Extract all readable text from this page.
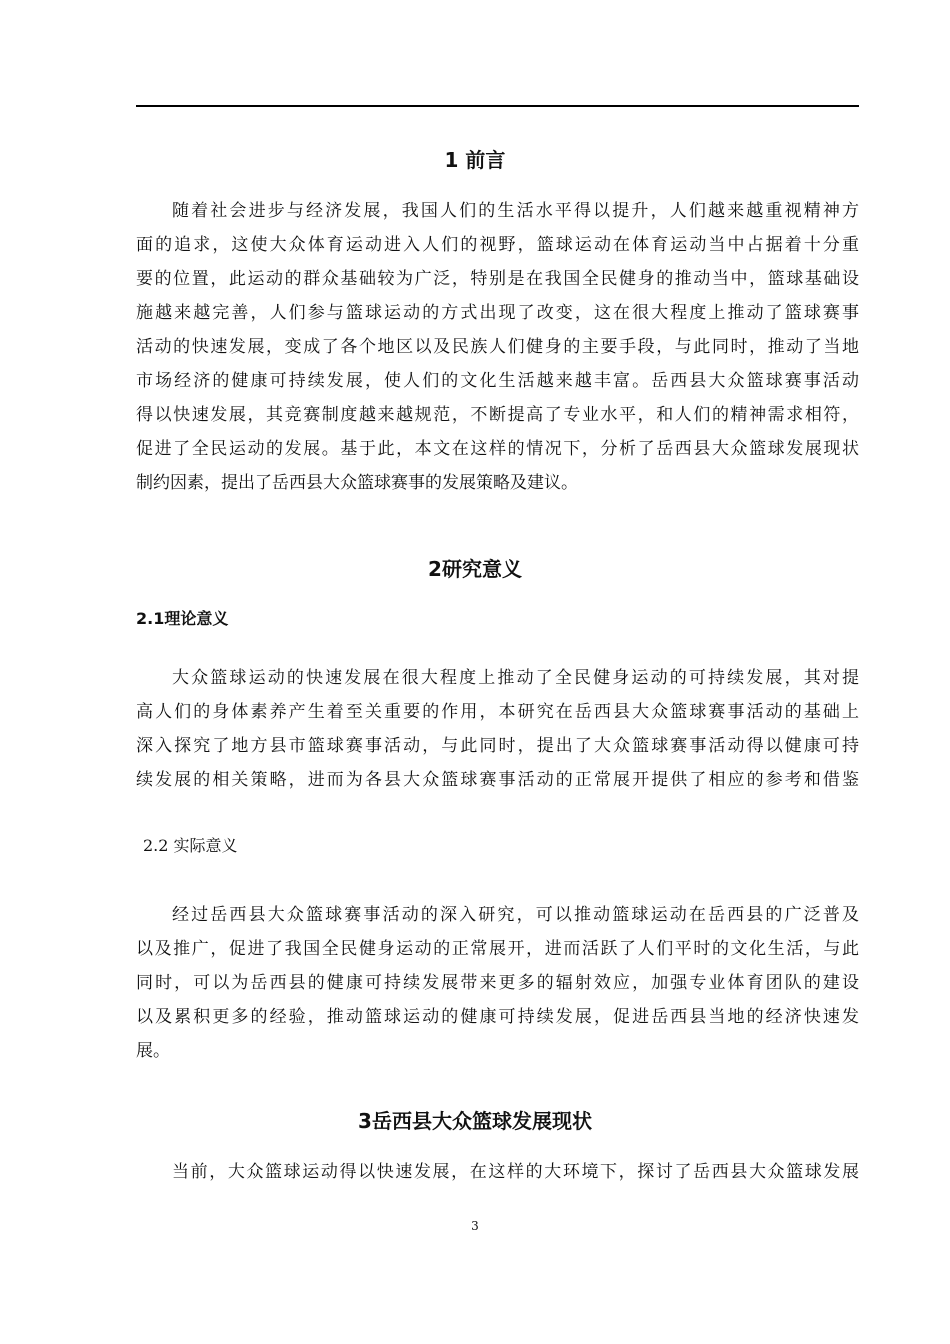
1 前言
随着社会进步与经济发展，我国人们的生活水平得以提升，人们越来越重视精神方
面的追求，这使大众体育运动进入人们的视野，篮球运动在体育运动当中占据着十分重
要的位置，此运动的群众基础较为广泛，特别是在我国全民健身的推动当中，篮球基础设
施越来越完善，人们参与篮球运动的方式出现了改变，这在很大程度上推动了篮球赛事
活动的快速发展，变成了各个地区以及民族人们健身的主要手段，与此同时，推动了当地
市场经济的健康可持续发展，使人们的文化生活越来越丰富。岳西县大众篮球赛事活动
得以快速发展，其竞赛制度越来越规范，不断提高了专业水平，和人们的精神需求相符，
促进了全民运动的发展。基于此，本文在这样的情况下，分析了岳西县大众篮球发展现状
制约因素，提出了岳西县大众篮球赛事的发展策略及建议。
2研究意义
2.1理论意义
大众篮球运动的快速发展在很大程度上推动了全民健身运动的可持续发展，其对提
高人们的身体素养产生着至关重要的作用，本研究在岳西县大众篮球赛事活动的基础上
深入探究了地方县市篮球赛事活动，与此同时，提出了大众篮球赛事活动得以健康可持
续发展的相关策略，进而为各县大众篮球赛事活动的正常展开提供了相应的参考和借鉴
2.2 实际意义
经过岳西县大众篮球赛事活动的深入研究，可以推动篮球运动在岳西县的广泛普及
以及推广，促进了我国全民健身运动的正常展开，进而活跃了人们平时的文化生活，与此
同时，可以为岳西县的健康可持续发展带来更多的辐射效应，加强专业体育团队的建设
以及累积更多的经验，推动篮球运动的健康可持续发展，促进岳西县当地的经济快速发
展。
3岳西县大众篮球发展现状
当前，大众篮球运动得以快速发展，在这样的大环境下，探讨了岳西县大众篮球发展
3
